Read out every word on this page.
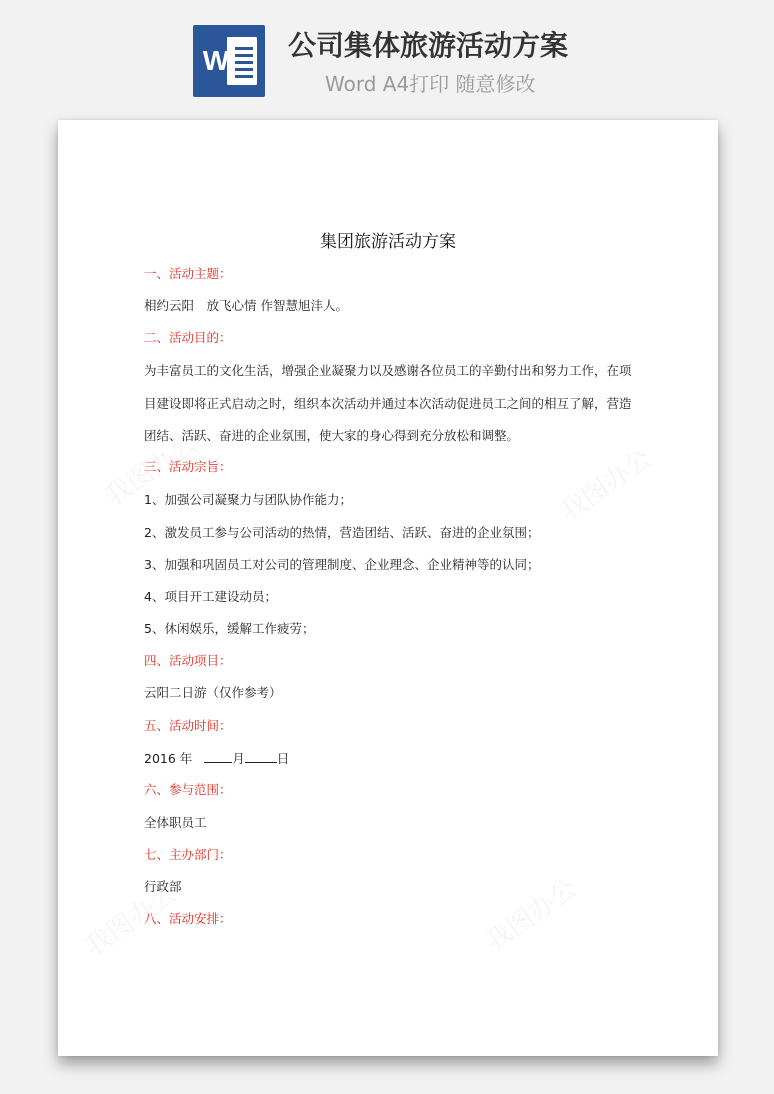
W 公司集体旅游活动方案
Word A4打印 随意修改
集团旅游活动方案
一、活动主题：
相约云阳　放飞心情 作智慧旭沣人。
二、活动目的：
为丰富员工的文化生活，增强企业凝聚力以及感谢各位员工的辛勤付出和努力工作，在项
目建设即将正式启动之时，组织本次活动并通过本次活动促进员工之间的相互了解，营造
团结、活跃、奋进的企业氛围，使大家的身心得到充分放松和调整。
三、活动宗旨：
1、加强公司凝聚力与团队协作能力；
2、激发员工参与公司活动的热情，营造团结、活跃、奋进的企业氛围；
3、加强和巩固员工对公司的管理制度、企业理念、企业精神等的认同；
4、项目开工建设动员；
5、休闲娱乐，缓解工作疲劳；
四、活动项目：
云阳二日游（仅作参考）
五、活动时间：
2016 年	月	日
六、参与范围：
全体职员工
七、主办部门：
行政部
八、活动安排：
